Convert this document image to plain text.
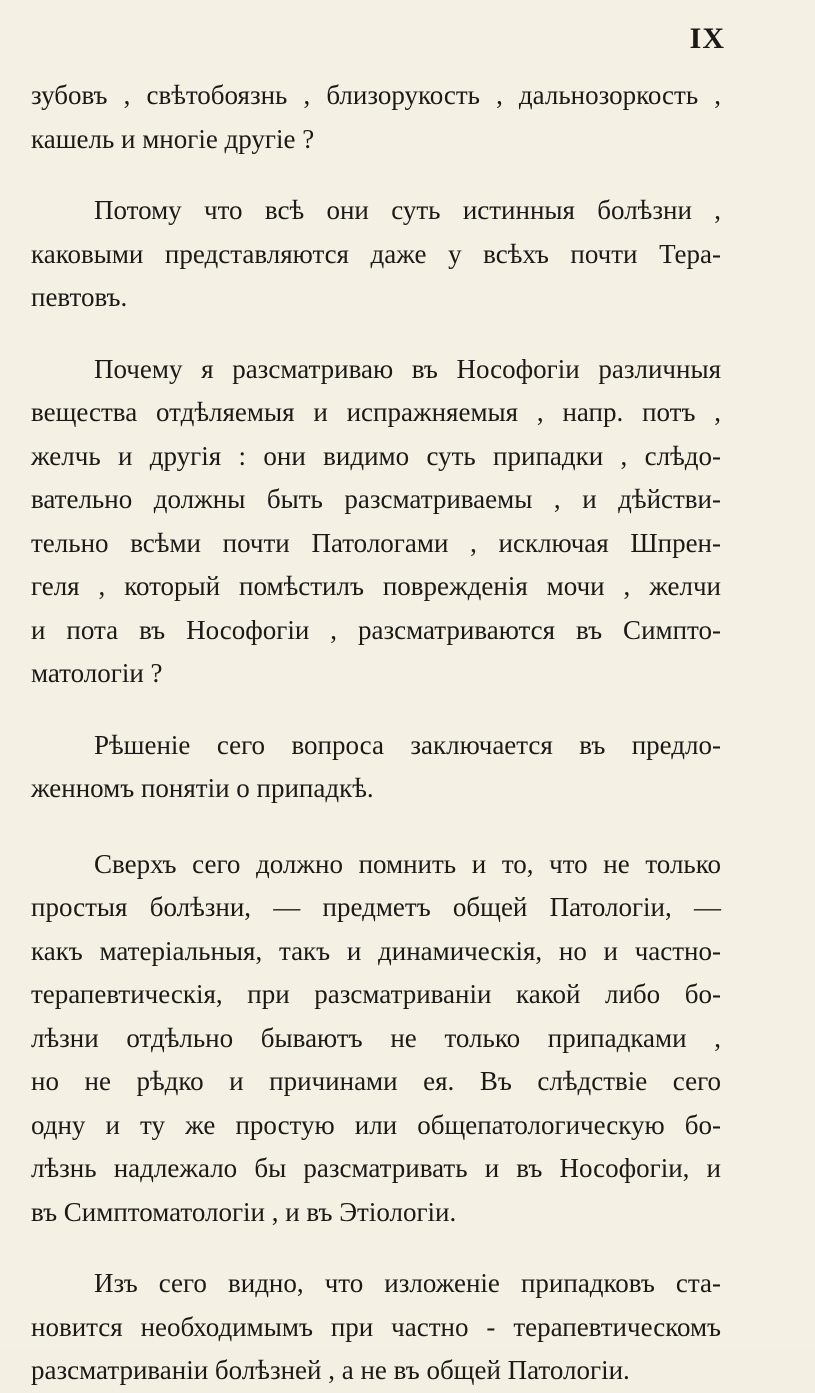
IX

зубовъ , свѣтобоязнь , близорукость , дальнозоркость ,

кашель и многiе другiе ?

Потому что всѣ они суть истинныя болѣзни ,

каковыми представляются даже у всѣхъ почти Тера-

певтовъ.

Почему я разсматриваю въ Нософогiи различныя

вещества отдѣляемыя и испражняемыя , напр. потъ ,

желчь и другiя : они видимо суть припадки , слѣдо-

вательно должны быть разсматриваемы , и дѣйстви-

тельно всѣми почти Патологами , исключая Шпрен-

геля , который помѣстилъ поврежденiя мочи , желчи

и пота въ Нософогiи , разсматриваются въ Симпто-

матологiи ?

Рѣшенiе сего вопроса заключается въ предло-

женномъ понятiи о припадкѣ.

Сверхъ сего должно помнить и то, что не только

простыя болѣзни, — предметъ общей Патологiи, —

какъ матерiальныя, такъ и динамическiя, но и частно-

терапевтическiя, при разсматриванiи какой либо бо-

лѣзни отдѣльно бываютъ не только припадками ,

но не рѣдко и причинами ея. Въ слѣдствiе сего

одну и ту же простую или общепатологическую бо-

лѣзнь надлежало бы разсматривать и въ Нософогiи, и

въ Симптоматологiи , и въ Этiологiи.

Изъ сего видно, что изложенiе припадковъ ста-

новится необходимымъ при частно - терапевтическомъ

разсматриванiи болѣзней , а не въ общей Патологiи.
